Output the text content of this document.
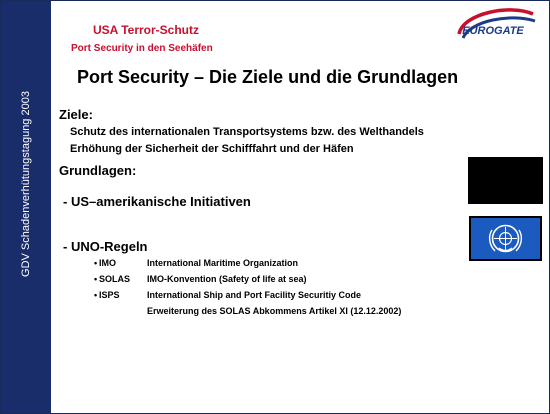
GDV Schadenverhütungstagung 2003
USA Terror-Schutz
Port Security in den Seehäfen
EUROGATE
Port Security – Die Ziele und die Grundlagen
Ziele:
Schutz des internationalen Transportsystems bzw. des Welthandels
Erhöhung der Sicherheit der Schifffahrt und der Häfen
Grundlagen:
- US–amerikanische Initiativen
- UNO-Regeln
• IMO	International Maritime Organization
• SOLAS IMO-Konvention (Safety of life at sea)
• ISPS	International Ship and Port Facility Securitiy Code
Erweiterung des SOLAS Abkommens Artikel XI (12.12.2002)
